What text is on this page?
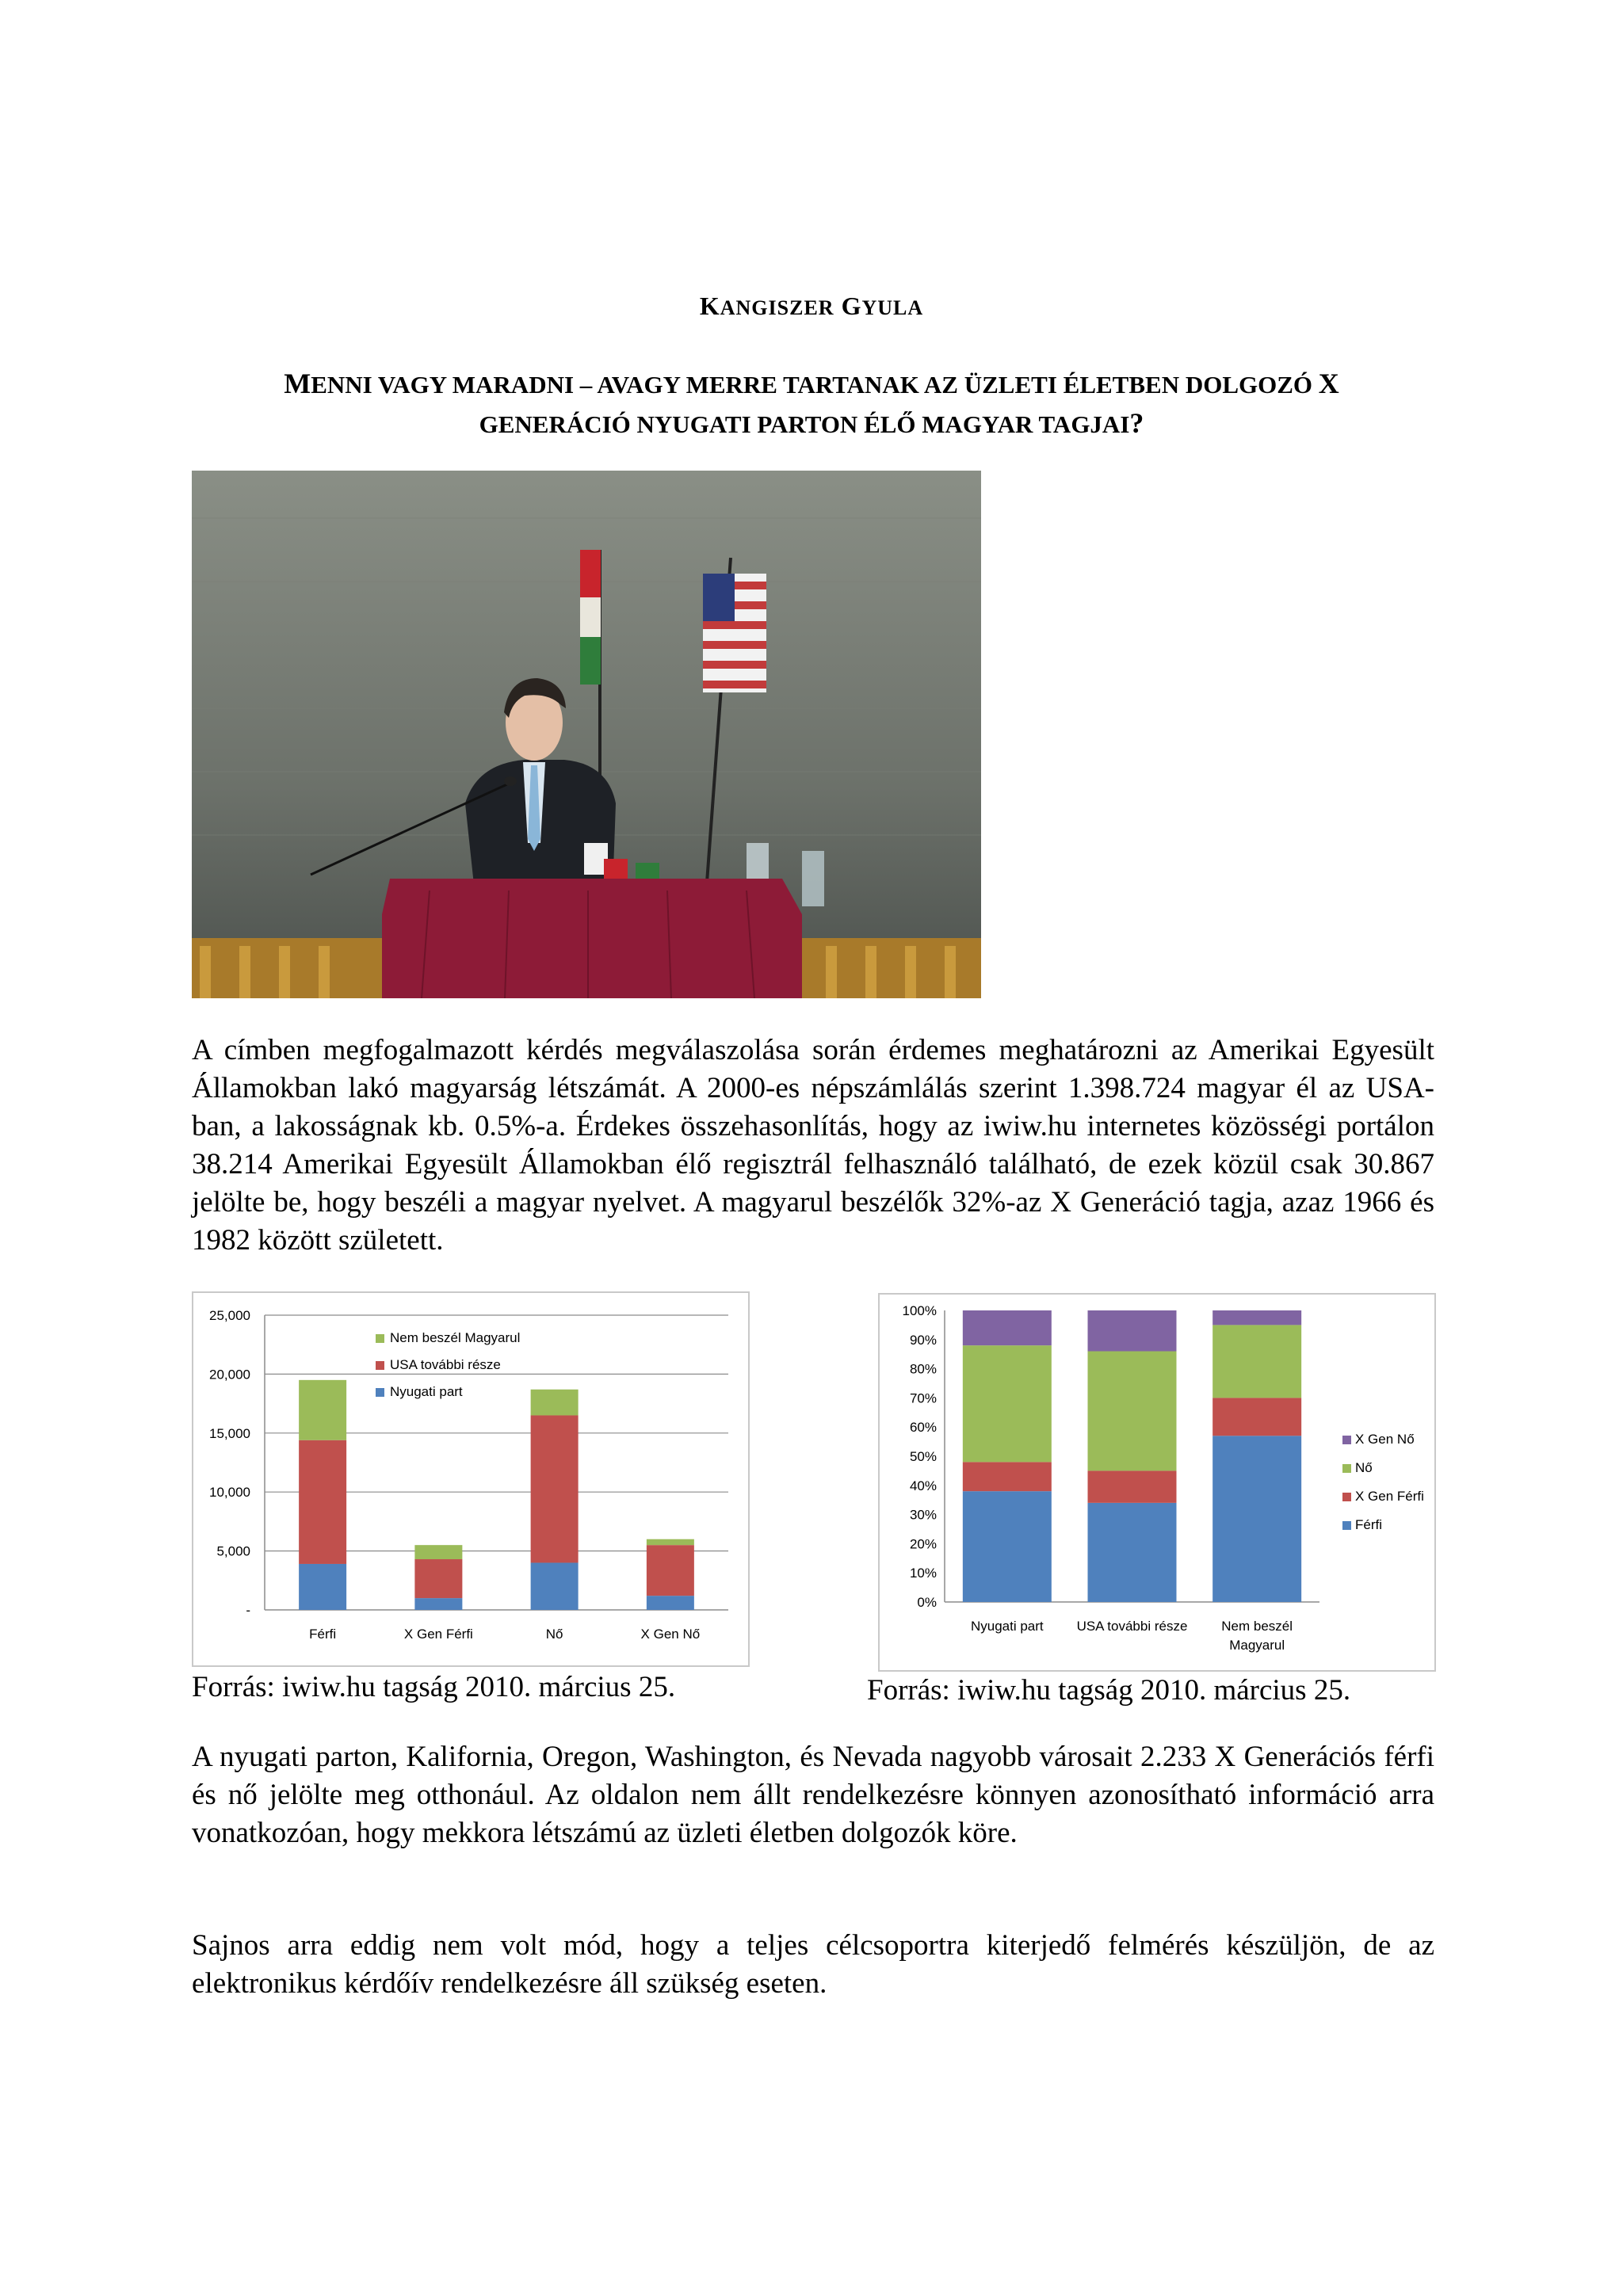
KANGISZER GYULA
MENNI VAGY MARADNI – AVAGY MERRE TARTANAK AZ ÜZLETI ÉLETBEN DOLGOZÓ X
GENERÁCIÓ NYUGATI PARTON ÉLŐ MAGYAR TAGJAI?

A címben megfogalmazott kérdés megválaszolása során érdemes meghatározni az Amerikai Egyesült Államokban lakó magyarság létszámát. A 2000-es népszámlálás szerint 1.398.724 magyar él az USA-ban, a lakosságnak kb. 0.5%-a. Érdekes összehasonlítás, hogy az iwiw.hu internetes közösségi portálon 38.214 Amerikai Egyesült Államokban élő regisztrál felhasználó található, de ezek közül csak 30.867 jelölte be, hogy beszéli a magyar nyelvet. A magyarul beszélők 32%-az X Generáció tagja, azaz 1966 és 1982 között született.

-
5,000
10,000
15,000
20,000
25,000
Férfi	X Gen Férfi	Nő	X Gen Nő
Nem beszél Magyarul
USA további része
Nyugati part
0%
10%
20%
30%
40%
50%
60%
70%
80%
90%
100%
Nyugati part USA további része	Nem beszél
Magyarul
X Gen Nő
Nő
X Gen Férfi
Férfi
Forrás: iwiw.hu tagság 2010. március 25.	Forrás: iwiw.hu tagság 2010. március 25.

A nyugati parton, Kalifornia, Oregon, Washington, és Nevada nagyobb városait 2.233 X Generációs férfi és nő jelölte meg otthonául. Az oldalon nem állt rendelkezésre könnyen azonosítható információ arra vonatkozóan, hogy mekkora létszámú az üzleti életben dolgozók köre.

Sajnos arra eddig nem volt mód, hogy a teljes célcsoportra kiterjedő felmérés készüljön, de az elektronikus kérdőív rendelkezésre áll szükség eseten.
